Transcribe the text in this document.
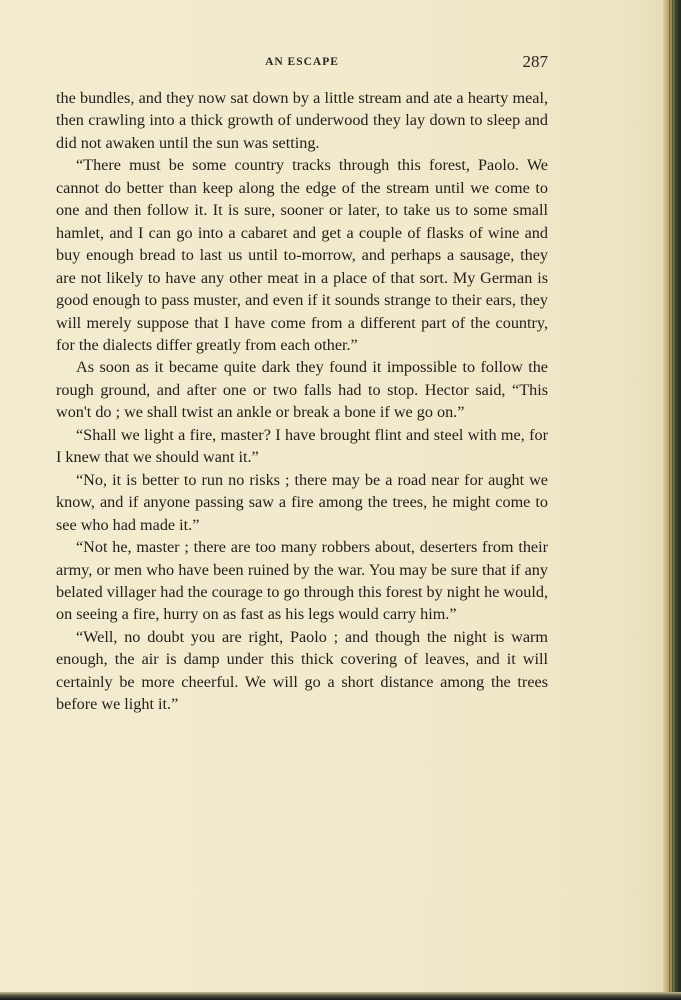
AN ESCAPE	287

the bundles, and they now sat down by a little stream and ate a hearty meal, then crawling into a thick growth of underwood they lay down to sleep and did not awaken until the sun was setting.

“There must be some country tracks through this forest, Paolo. We cannot do better than keep along the edge of the stream until we come to one and then follow it. It is sure, sooner or later, to take us to some small hamlet, and I can go into a cabaret and get a couple of flasks of wine and buy enough bread to last us until to-morrow, and perhaps a sausage, they are not likely to have any other meat in a place of that sort. My German is good enough to pass muster, and even if it sounds strange to their ears, they will merely suppose that I have come from a different part of the country, for the dialects differ greatly from each other.”

As soon as it became quite dark they found it impossible to follow the rough ground, and after one or two falls had to stop. Hector said, “This won't do ; we shall twist an ankle or break a bone if we go on.”

“Shall we light a fire, master? I have brought flint and steel with me, for I knew that we should want it.”

“No, it is better to run no risks ; there may be a road near for aught we know, and if anyone passing saw a fire among the trees, he might come to see who had made it.”

“Not he, master ; there are too many robbers about, deserters from their army, or men who have been ruined by the war. You may be sure that if any belated villager had the courage to go through this forest by night he would, on seeing a fire, hurry on as fast as his legs would carry him.”

“Well, no doubt you are right, Paolo ; and though the night is warm enough, the air is damp under this thick covering of leaves, and it will certainly be more cheerful. We will go a short distance among the trees before we light it.”
